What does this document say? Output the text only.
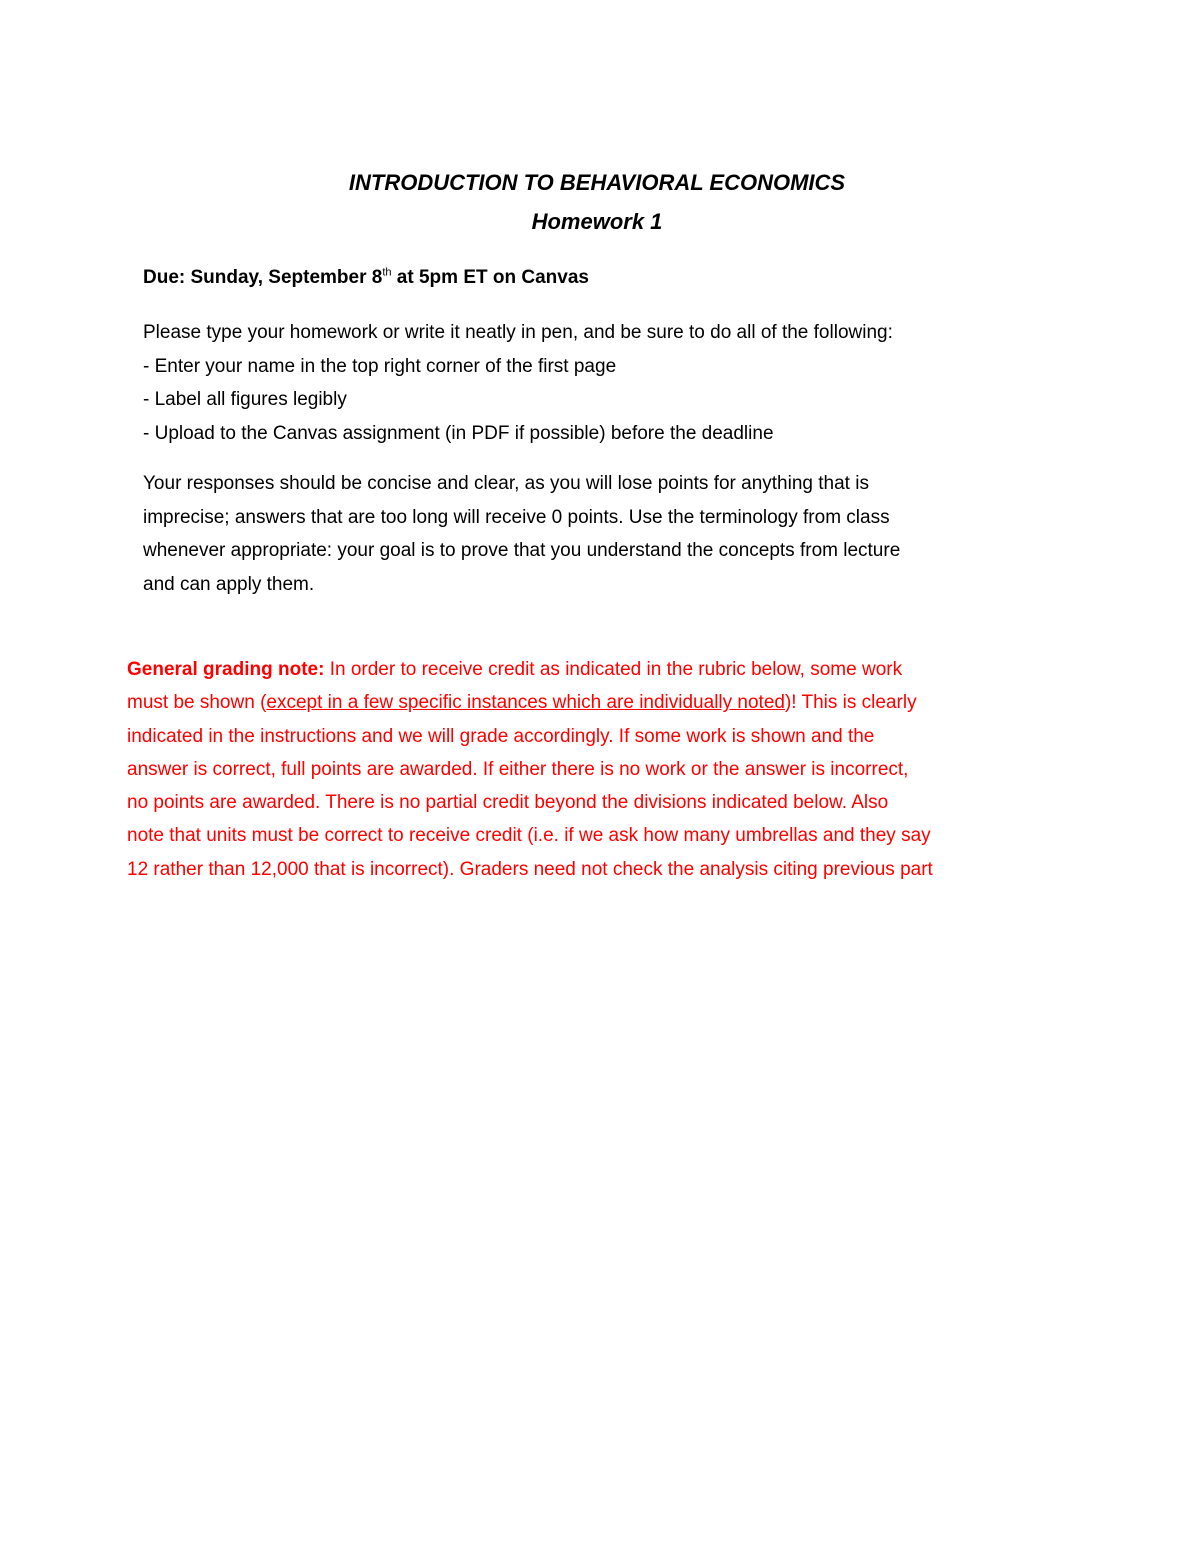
INTRODUCTION TO BEHAVIORAL ECONOMICS
Homework 1

Due: Sunday, September 8th at 5pm ET on Canvas

Please type your homework or write it neatly in pen, and be sure to do all of the following:
- Enter your name in the top right corner of the first page
- Label all figures legibly
- Upload to the Canvas assignment (in PDF if possible) before the deadline
Your responses should be concise and clear, as you will lose points for anything that is
imprecise; answers that are too long will receive 0 points. Use the terminology from class
whenever appropriate: your goal is to prove that you understand the concepts from lecture
and can apply them.
General grading note: In order to receive credit as indicated in the rubric below, some work
must be shown (except in a few specific instances which are individually noted)! This is clearly
indicated in the instructions and we will grade accordingly. If some work is shown and the
answer is correct, full points are awarded. If either there is no work or the answer is incorrect,
no points are awarded. There is no partial credit beyond the divisions indicated below. Also
note that units must be correct to receive credit (i.e. if we ask how many umbrellas and they say
12 rather than 12,000 that is incorrect). Graders need not check the analysis citing previous part
